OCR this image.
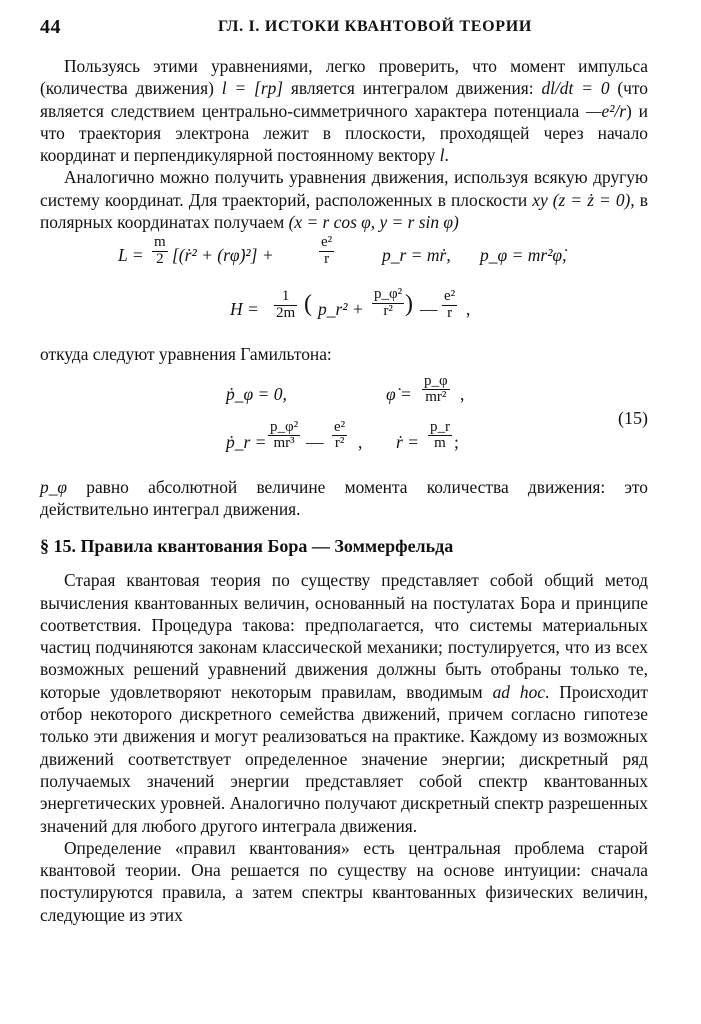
44	ГЛ. I. ИСТОКИ КВАНТОВОЙ ТЕОРИИ

Пользуясь этими уравнениями, легко проверить, что момент импульса (количества движения) l = [rp] является интегралом движения: dl/dt = 0 (что является следствием центрально-симметричного характера потенциала —e²/r) и что траектория электрона лежит в плоскости, проходящей через начало координат и перпендикулярной постоянному вектору l.

Аналогично можно получить уравнения движения, используя всякую другую систему координат. Для траекторий, расположенных в плоскости xy (z = ż = 0), в полярных координатах получаем (x = r cos φ, y = r sin φ)

$L = \frac{m}{2}$ [(ṙ² + (rφ̇)²] +	$\frac{\text{e²}}{r}$	p_r = mṙ, p_φ = mr²φ̇,
$H = \frac{1}{2m}$ ( p_r² + $\frac{\text{p\_φ²}}{\text{r²}}$ ) — $\frac{\text{e²}}{r}$ ,

откуда следуют уравнения Гамильтона:

ṗ_φ = 0,	φ̇ = $\frac{p\_\varphi}{\text{mr²}}$ ,
ṗ_r = $\frac{\text{p\_φ²}}{\text{mr³}}$ — $\frac{\text{e²}}{\text{r²}}$ , ṙ = $\frac{p\_r}{m}$ ;
(15)

p_φ равно абсолютной величине момента количества движения: это действительно интеграл движения.

§ 15. Правила квантования Бора — Зоммерфельда

Старая квантовая теория по существу представляет собой общий метод вычисления квантованных величин, основанный на постулатах Бора и принципе соответствия. Процедура такова: предполагается, что системы материальных частиц подчиняются законам классической механики; постулируется, что из всех возможных решений уравнений движения должны быть отобраны только те, которые удовлетворяют некоторым правилам, вводимым ad hoc. Происходит отбор некоторого дискретного семейства движений, причем согласно гипотезе только эти движения и могут реализоваться на практике. Каждому из возможных движений соответствует определенное значение энергии; дискретный ряд получаемых значений энергии представляет собой спектр квантованных энергетических уровней. Аналогично получают дискретный спектр разрешенных значений для любого другого интеграла движения.

Определение «правил квантования» есть центральная проблема старой квантовой теории. Она решается по существу на основе интуиции: сначала постулируются правила, а затем спектры квантованных физических величин, следующие из этих
